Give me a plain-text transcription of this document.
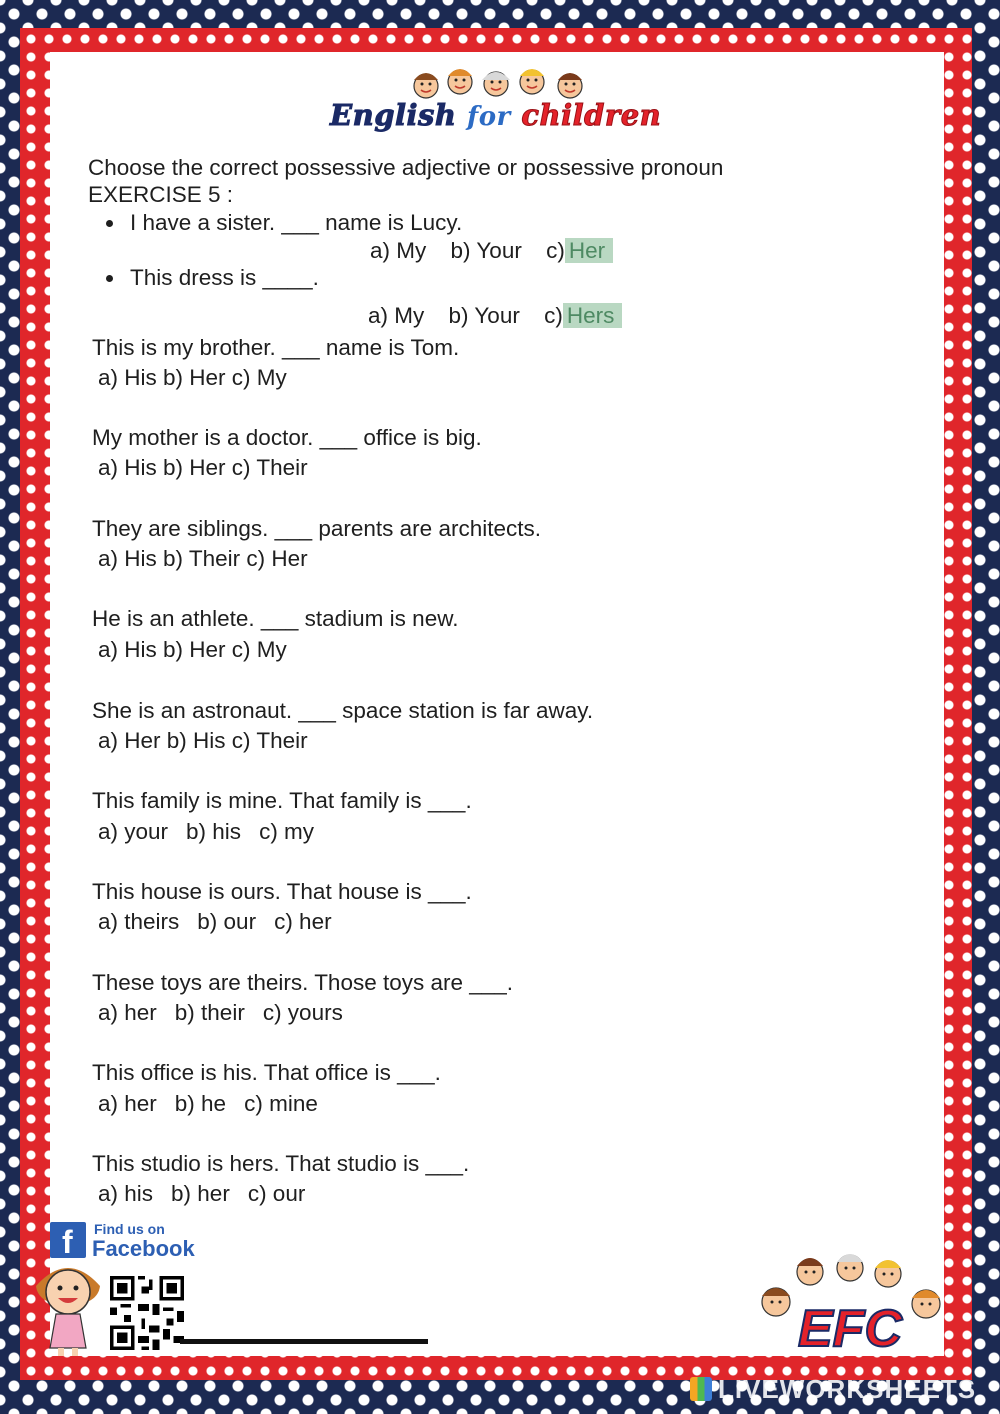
English for children
Choose the correct possessive adjective or possessive pronoun
EXERCISE 5 :
I have a sister. ___ name is Lucy.
a) My b) Your c) Her
This dress is ____.
a) My b) Your c) Hers
This is my brother. ___ name is Tom.
a) His b) Her c) My
My mother is a doctor. ___ office is big.
a) His b) Her c) Their
They are siblings. ___ parents are architects.
a) His b) Their c) Her
He is an athlete. ___ stadium is new.
a) His b) Her c) My
She is an astronaut. ___ space station is far away.
a) Her b) His c) Their
This family is mine. That family is ___.
a) your b) his c) my
This house is ours. That house is ___.
a) theirs b) our c) her
These toys are theirs. Those toys are ___.
a) her b) their c) yours
This office is his. That office is ___.
a) her b) he c) mine
This studio is hers. That studio is ___.
a) his b) her c) our
f Find us on
Facebook
EFC
LIVEWORKSHEETS
